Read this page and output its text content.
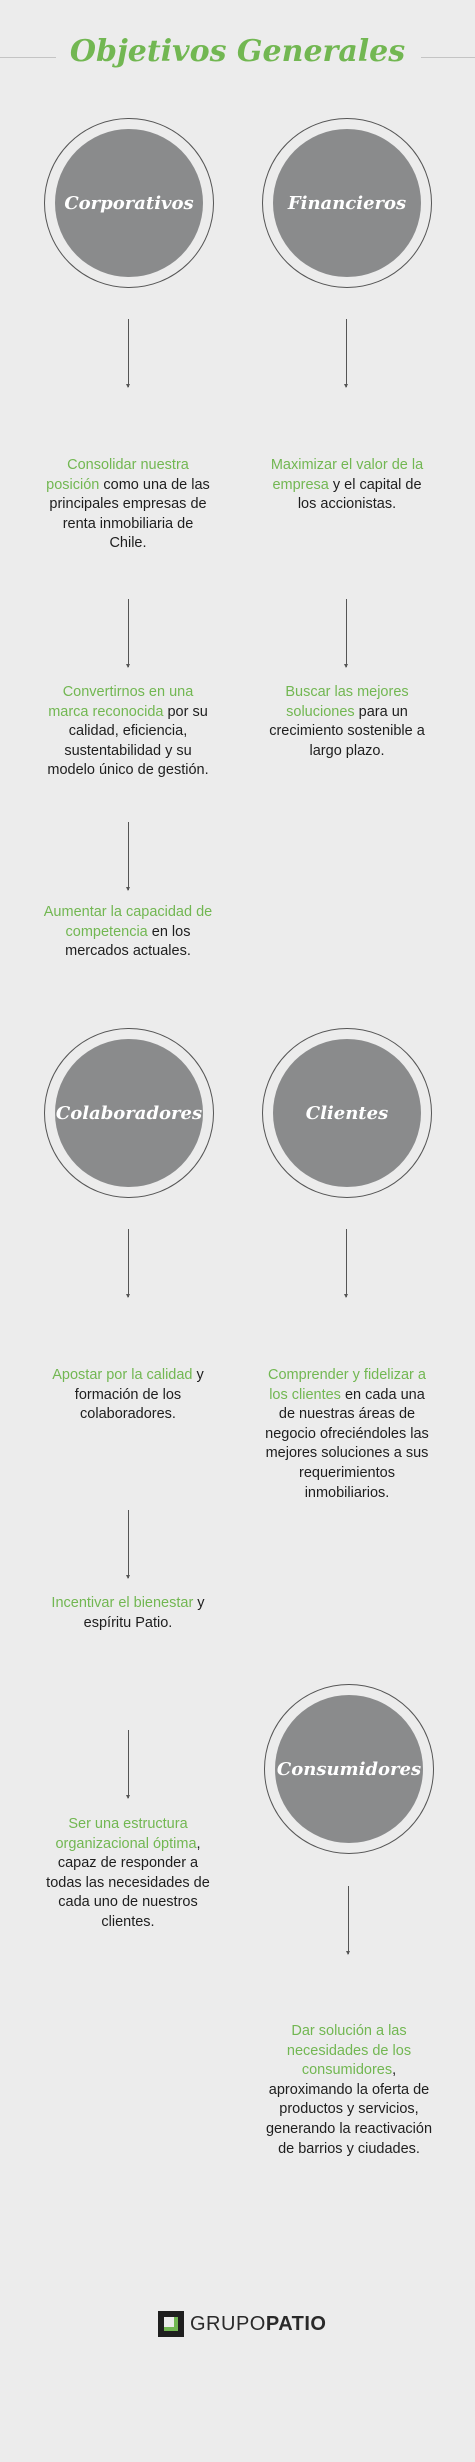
Objetivos Generales
Corporativos
Consolidar nuestra posición como una de las principales empresas de renta inmobiliaria de Chile.
Convertirnos en una marca reconocida por su calidad, eficiencia, sustentabilidad y su modelo único de gestión.
Aumentar la capacidad de competencia en los mercados actuales.
Financieros
Maximizar el valor de la empresa y el capital de los accionistas.
Buscar las mejores soluciones para un crecimiento sostenible a largo plazo.
Colaboradores
Apostar por la calidad y formación de los colaboradores.
Incentivar el bienestar y espíritu Patio.
Ser una estructura organizacional óptima, capaz de responder a todas las necesidades de cada uno de nuestros clientes.
Clientes
Comprender y fidelizar a los clientes en cada una de nuestras áreas de negocio ofreciéndoles las mejores soluciones a sus requerimientos inmobiliarios.
Consumidores
Dar solución a las necesidades de los consumidores, aproximando la oferta de productos y servicios, generando la reactivación de barrios y ciudades.
GRUPO PATIO
